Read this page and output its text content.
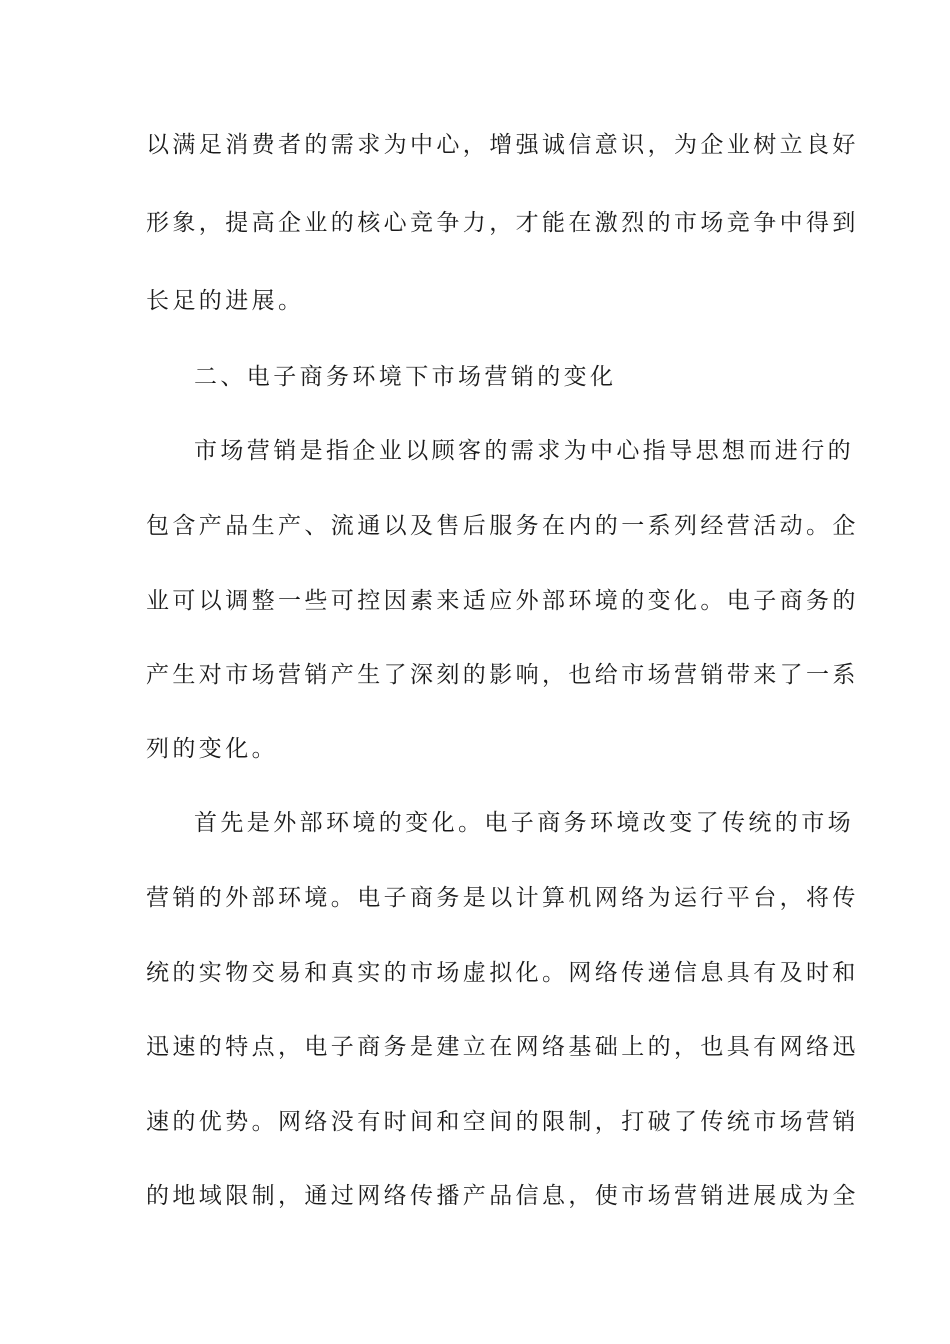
以满足消费者的需求为中心，增强诚信意识，为企业树立良好
形象，提高企业的核心竞争力，才能在激烈的市场竞争中得到
长足的进展。
二、电子商务环境下市场营销的变化
市场营销是指企业以顾客的需求为中心指导思想而进行的
包含产品生产、流通以及售后服务在内的一系列经营活动。企
业可以调整一些可控因素来适应外部环境的变化。电子商务的
产生对市场营销产生了深刻的影响，也给市场营销带来了一系
列的变化。
首先是外部环境的变化。电子商务环境改变了传统的市场
营销的外部环境。电子商务是以计算机网络为运行平台，将传
统的实物交易和真实的市场虚拟化。网络传递信息具有及时和
迅速的特点，电子商务是建立在网络基础上的，也具有网络迅
速的优势。网络没有时间和空间的限制，打破了传统市场营销
的地域限制，通过网络传播产品信息，使市场营销进展成为全
